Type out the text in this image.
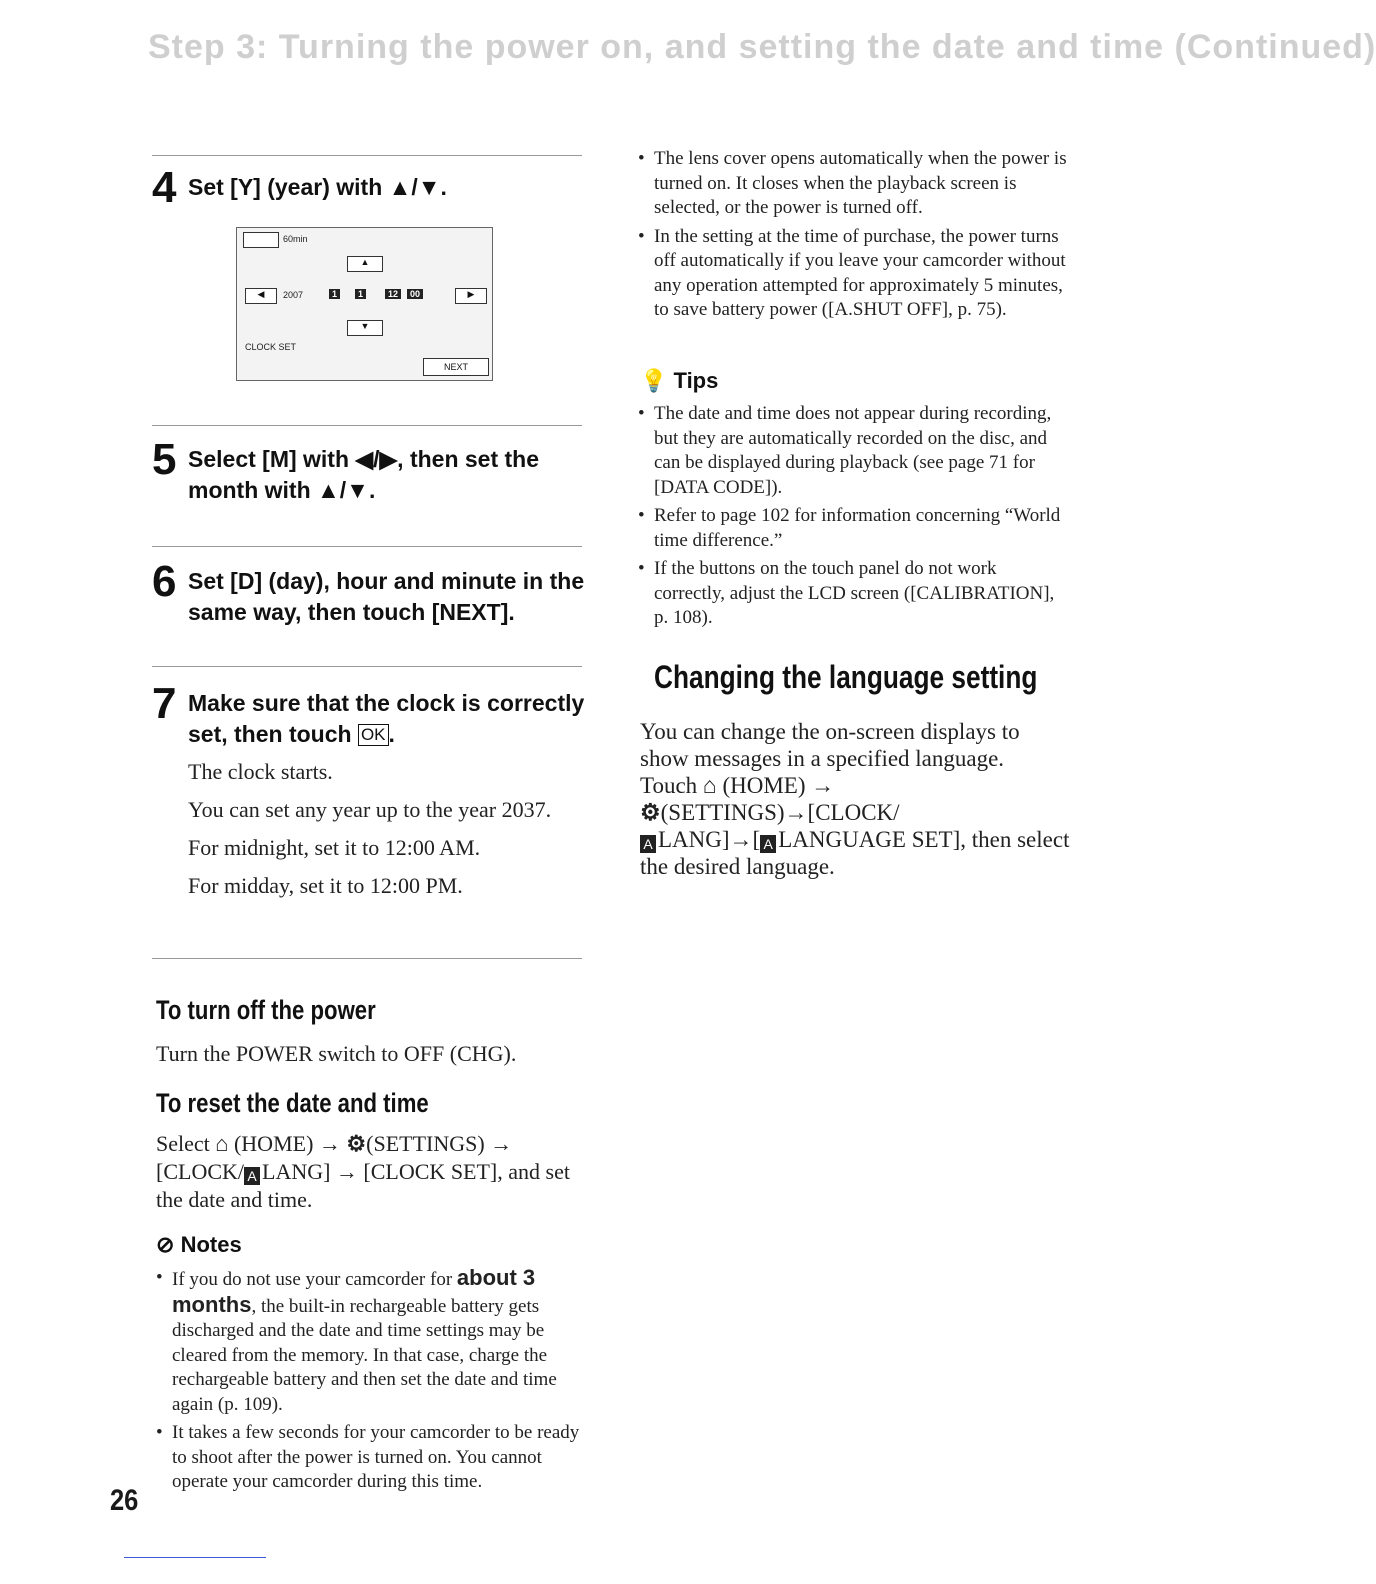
Step 3: Turning the power on, and setting the date and time (Continued)
4 Set [Y] (year) with ▲/▼.
60min
▲
◀	2007	1	1	12	00	▶
▼
CLOCK SET
NEXT
5 Select [M] with ◀/▶, then set the month with ▲/▼.
6 Set [D] (day), hour and minute in the same way, then touch [NEXT].
7 Make sure that the clock is correctly set, then touch OK .
The clock starts.
You can set any year up to the year 2037.
For midnight, set it to 12:00 AM.
For midday, set it to 12:00 PM.
To turn off the power
Turn the POWER switch to OFF (CHG).
To reset the date and time
Select ⌂ (HOME) → ⚙(SETTINGS) → [CLOCK/ A LANG] → [CLOCK SET], and set the date and time.
⊘ Notes
• If you do not use your camcorder for about 3 months, the built-in rechargeable battery gets discharged and the date and time settings may be cleared from the memory. In that case, charge the rechargeable battery and then set the date and time again (p. 109).
• It takes a few seconds for your camcorder to be ready to shoot after the power is turned on. You cannot operate your camcorder during this time.
26
• The lens cover opens automatically when the power is turned on. It closes when the playback screen is selected, or the power is turned off.
• In the setting at the time of purchase, the power turns off automatically if you leave your camcorder without any operation attempted for approximately 5 minutes, to save battery power ([A.SHUT OFF], p. 75).
💡 Tips
• The date and time does not appear during recording, but they are automatically recorded on the disc, and can be displayed during playback (see page 71 for [DATA CODE]).
• Refer to page 102 for information concerning “World time difference.”
• If the buttons on the touch panel do not work correctly, adjust the LCD screen ([CALIBRATION], p. 108).
Changing the language setting
You can change the on-screen displays to show messages in a specified language.
Touch ⌂ (HOME) →
⚙(SETTINGS)→[CLOCK/
A LANG]→[ A LANGUAGE SET], then select the desired language.
